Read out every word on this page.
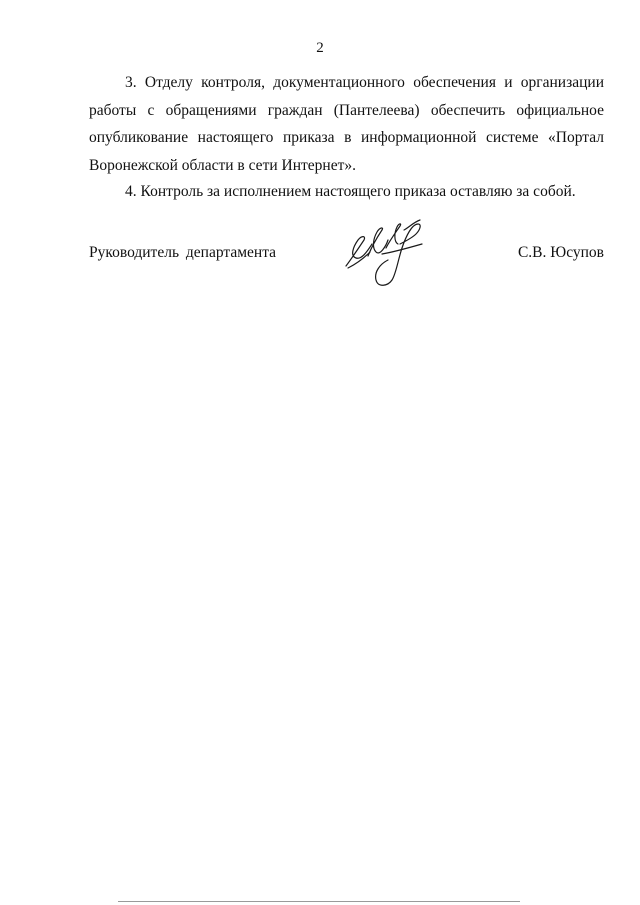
2

3. Отделу контроля, документационного обеспечения и организации работы с обращениями граждан (Пантелеева) обеспечить официальное опубликование настоящего приказа в информационной системе «Портал Воронежской области в сети Интернет».

4. Контроль за исполнением настоящего приказа оставляю за собой.

Руководитель департамента	С.В. Юсупов
